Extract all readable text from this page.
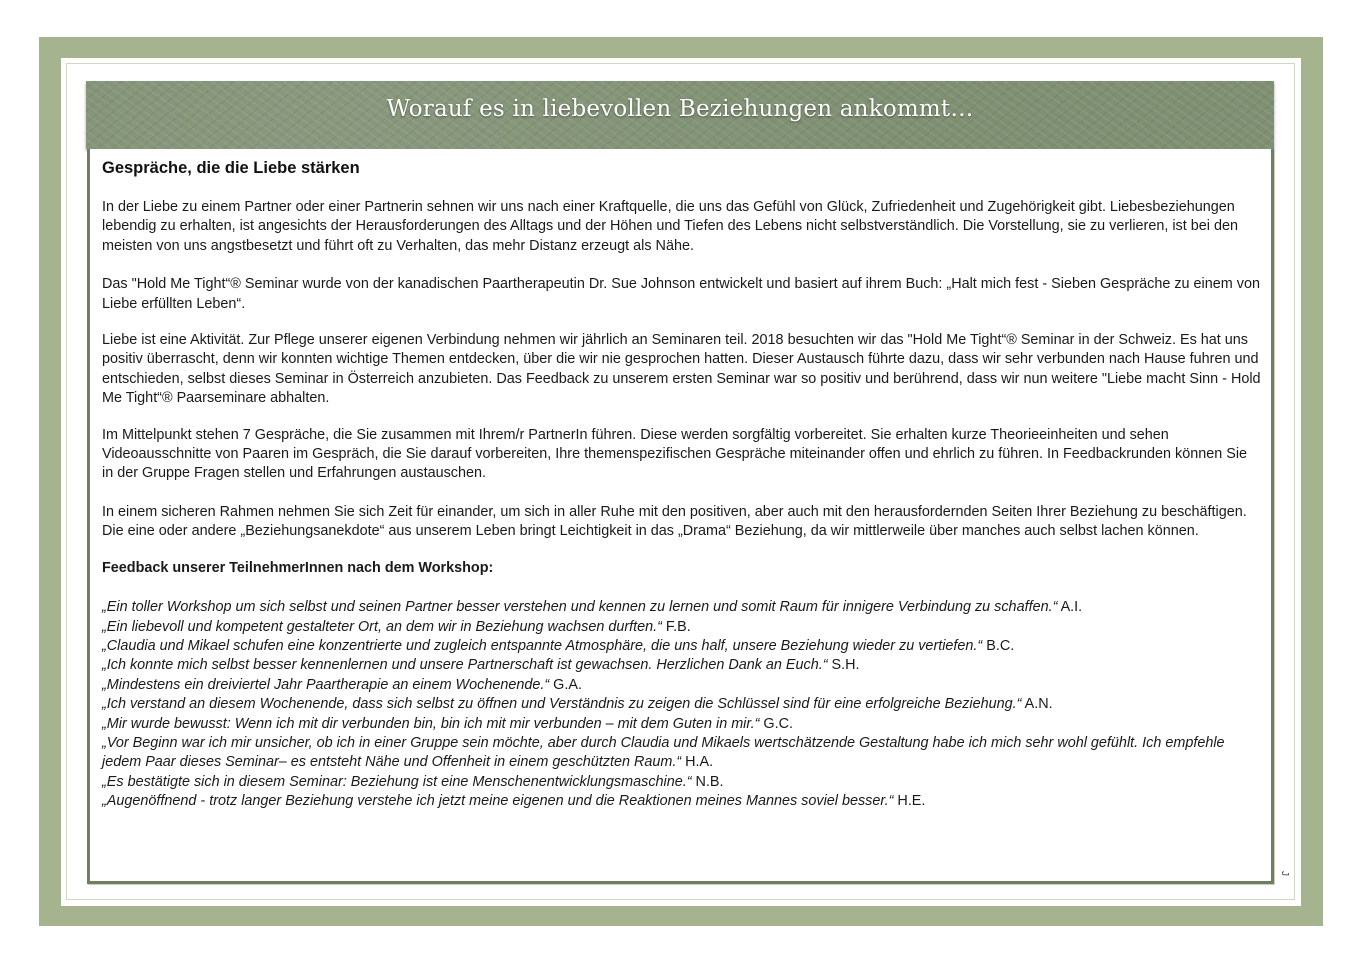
Worauf es in liebevollen Beziehungen ankommt…
Gespräche, die die Liebe stärken

In der Liebe zu einem Partner oder einer Partnerin sehnen wir uns nach einer Kraftquelle, die uns das Gefühl von Glück, Zufriedenheit und Zugehörigkeit gibt. Liebesbeziehungen lebendig zu erhalten, ist angesichts der Herausforderungen des Alltags und der Höhen und Tiefen des Lebens nicht selbstverständlich. Die Vorstellung, sie zu verlieren, ist bei den meisten von uns angstbesetzt und führt oft zu Verhalten, das mehr Distanz erzeugt als Nähe.

Das "Hold Me Tight“® Seminar wurde von der kanadischen Paartherapeutin Dr. Sue Johnson entwickelt und basiert auf ihrem Buch: „Halt mich fest - Sieben Gespräche zu einem von Liebe erfüllten Leben“.

Liebe ist eine Aktivität. Zur Pflege unserer eigenen Verbindung nehmen wir jährlich an Seminaren teil. 2018 besuchten wir das "Hold Me Tight“® Seminar in der Schweiz. Es hat uns positiv überrascht, denn wir konnten wichtige Themen entdecken, über die wir nie gesprochen hatten. Dieser Austausch führte dazu, dass wir sehr verbunden nach Hause fuhren und entschieden, selbst dieses Seminar in Österreich anzubieten. Das Feedback zu unserem ersten Seminar war so positiv und berührend, dass wir nun weitere "Liebe macht Sinn - Hold Me Tight“® Paarseminare abhalten.

Im Mittelpunkt stehen 7 Gespräche, die Sie zusammen mit Ihrem/r PartnerIn führen. Diese werden sorgfältig vorbereitet. Sie erhalten kurze Theorieeinheiten und sehen Videoausschnitte von Paaren im Gespräch, die Sie darauf vorbereiten, Ihre themenspezifischen Gespräche miteinander offen und ehrlich zu führen. In Feedbackrunden können Sie in der Gruppe Fragen stellen und Erfahrungen austauschen.

In einem sicheren Rahmen nehmen Sie sich Zeit für einander, um sich in aller Ruhe mit den positiven, aber auch mit den herausfordernden Seiten Ihrer Beziehung zu beschäftigen. Die eine oder andere „Beziehungsanekdote“ aus unserem Leben bringt Leichtigkeit in das „Drama“ Beziehung, da wir mittlerweile über manches auch selbst lachen können.

Feedback unserer TeilnehmerInnen nach dem Workshop:

„Ein toller Workshop um sich selbst und seinen Partner besser verstehen und kennen zu lernen und somit Raum für innigere Verbindung zu schaffen.“ A.I.

„Ein liebevoll und kompetent gestalteter Ort, an dem wir in Beziehung wachsen durften.“ F.B.

„Claudia und Mikael schufen eine konzentrierte und zugleich entspannte Atmosphäre, die uns half, unsere Beziehung wieder zu vertiefen.“ B.C.

„Ich konnte mich selbst besser kennenlernen und unsere Partnerschaft ist gewachsen. Herzlichen Dank an Euch.“ S.H.

„Mindestens ein dreiviertel Jahr Paartherapie an einem Wochenende.“ G.A.

„Ich verstand an diesem Wochenende, dass sich selbst zu öffnen und Verständnis zu zeigen die Schlüssel sind für eine erfolgreiche Beziehung.“ A.N.

„Mir wurde bewusst: Wenn ich mit dir verbunden bin, bin ich mit mir verbunden – mit dem Guten in mir.“ G.C.

„Vor Beginn war ich mir unsicher, ob ich in einer Gruppe sein möchte, aber durch Claudia und Mikaels wertschätzende Gestaltung habe ich mich sehr wohl gefühlt. Ich empfehle jedem Paar dieses Seminar– es entsteht Nähe und Offenheit in einem geschützten Raum.“ H.A.

„Es bestätigte sich in diesem Seminar: Beziehung ist eine Menschenentwicklungsmaschine.“ N.B.

„Augenöffnend - trotz langer Beziehung verstehe ich jetzt meine eigenen und die Reaktionen meines Mannes soviel besser.“ H.E.

J
